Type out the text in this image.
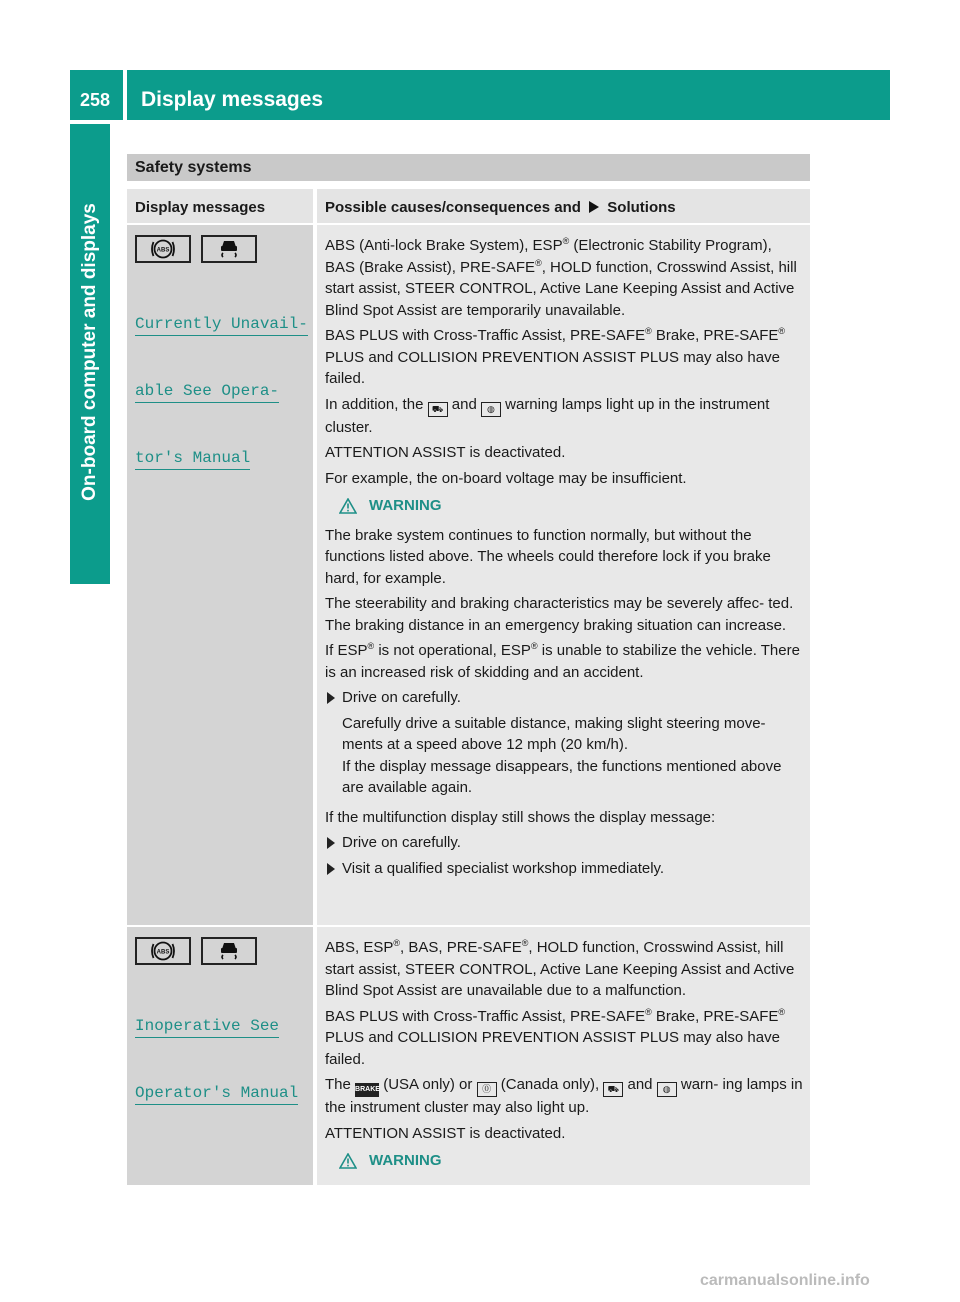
258 Display messages
On-board computer and displays
Safety systems
Display messages	Possible causes/consequences and Solutions
ABS

Currently Unavail‐

able See Opera‐

tor's Manual

ABS (Anti-lock Brake System), ESP® (Electronic Stability Program), BAS (Brake Assist), PRE-SAFE®, HOLD function, Crosswind Assist, hill start assist, STEER CONTROL, Active Lane Keeping Assist and Active Blind Spot Assist are temporarily unavailable.

BAS PLUS with Cross-Traffic Assist, PRE-SAFE® Brake, PRE-SAFE® PLUS and COLLISION PREVENTION ASSIST PLUS may also have failed.

In addition, the ⛟ and ◍ warning lamps light up in the instrument cluster.

ATTENTION ASSIST is deactivated.

For example, the on-board voltage may be insufficient.

WARNING

The brake system continues to function normally, but without the functions listed above. The wheels could therefore lock if you brake hard, for example.

The steerability and braking characteristics may be severely affec- ted. The braking distance in an emergency braking situation can increase.

If ESP® is not operational, ESP® is unable to stabilize the vehicle. There is an increased risk of skidding and an accident.

Drive on carefully.

Carefully drive a suitable distance, making slight steering move- ments at a speed above 12 mph (20 km/h).
If the display message disappears, the functions mentioned above are available again.

If the multifunction display still shows the display message:

Drive on carefully.

Visit a qualified specialist workshop immediately.

ABS

Inoperative See

Operator's Manual

ABS, ESP®, BAS, PRE-SAFE®, HOLD function, Crosswind Assist, hill start assist, STEER CONTROL, Active Lane Keeping Assist and Active Blind Spot Assist are unavailable due to a malfunction.

BAS PLUS with Cross-Traffic Assist, PRE-SAFE® Brake, PRE-SAFE® PLUS and COLLISION PREVENTION ASSIST PLUS may also have failed.

The BRAKE (USA only) or ⓪ (Canada only), ⛟ and ◍ warn- ing lamps in the instrument cluster may also light up.

ATTENTION ASSIST is deactivated.

WARNING
carmanualsonline.info
